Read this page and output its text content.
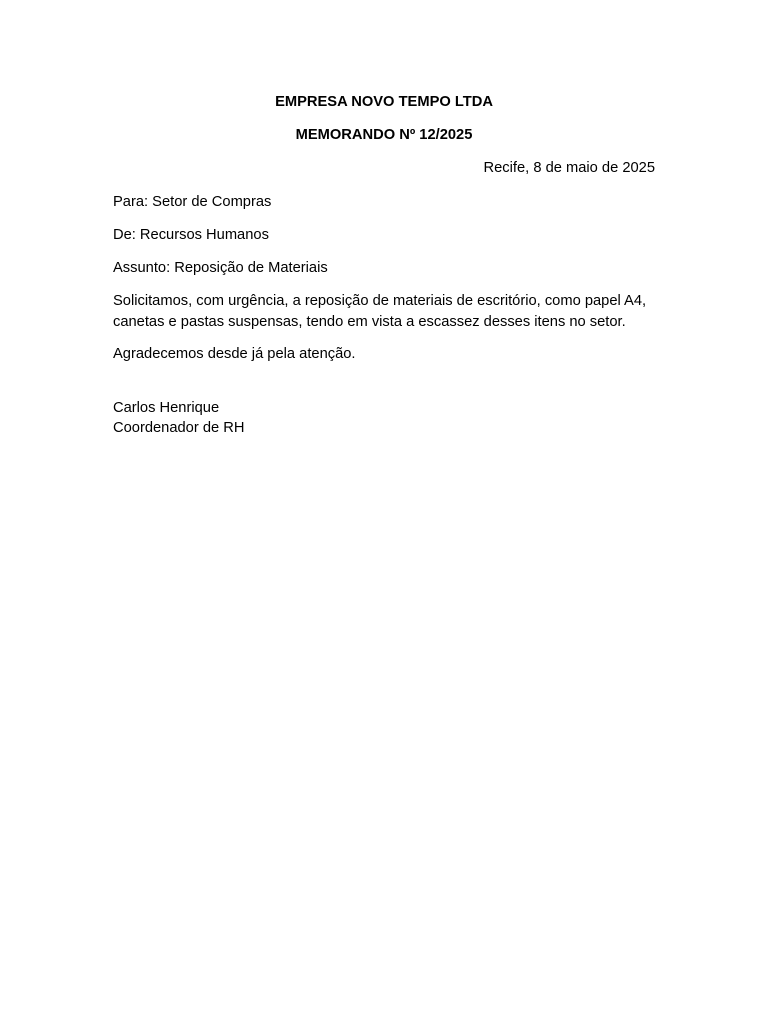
EMPRESA NOVO TEMPO LTDA
MEMORANDO Nº 12/2025
Recife, 8 de maio de 2025
Para: Setor de Compras
De: Recursos Humanos
Assunto: Reposição de Materiais
Solicitamos, com urgência, a reposição de materiais de escritório, como papel A4, canetas e pastas suspensas, tendo em vista a escassez desses itens no setor.
Agradecemos desde já pela atenção.
Carlos Henrique
Coordenador de RH
